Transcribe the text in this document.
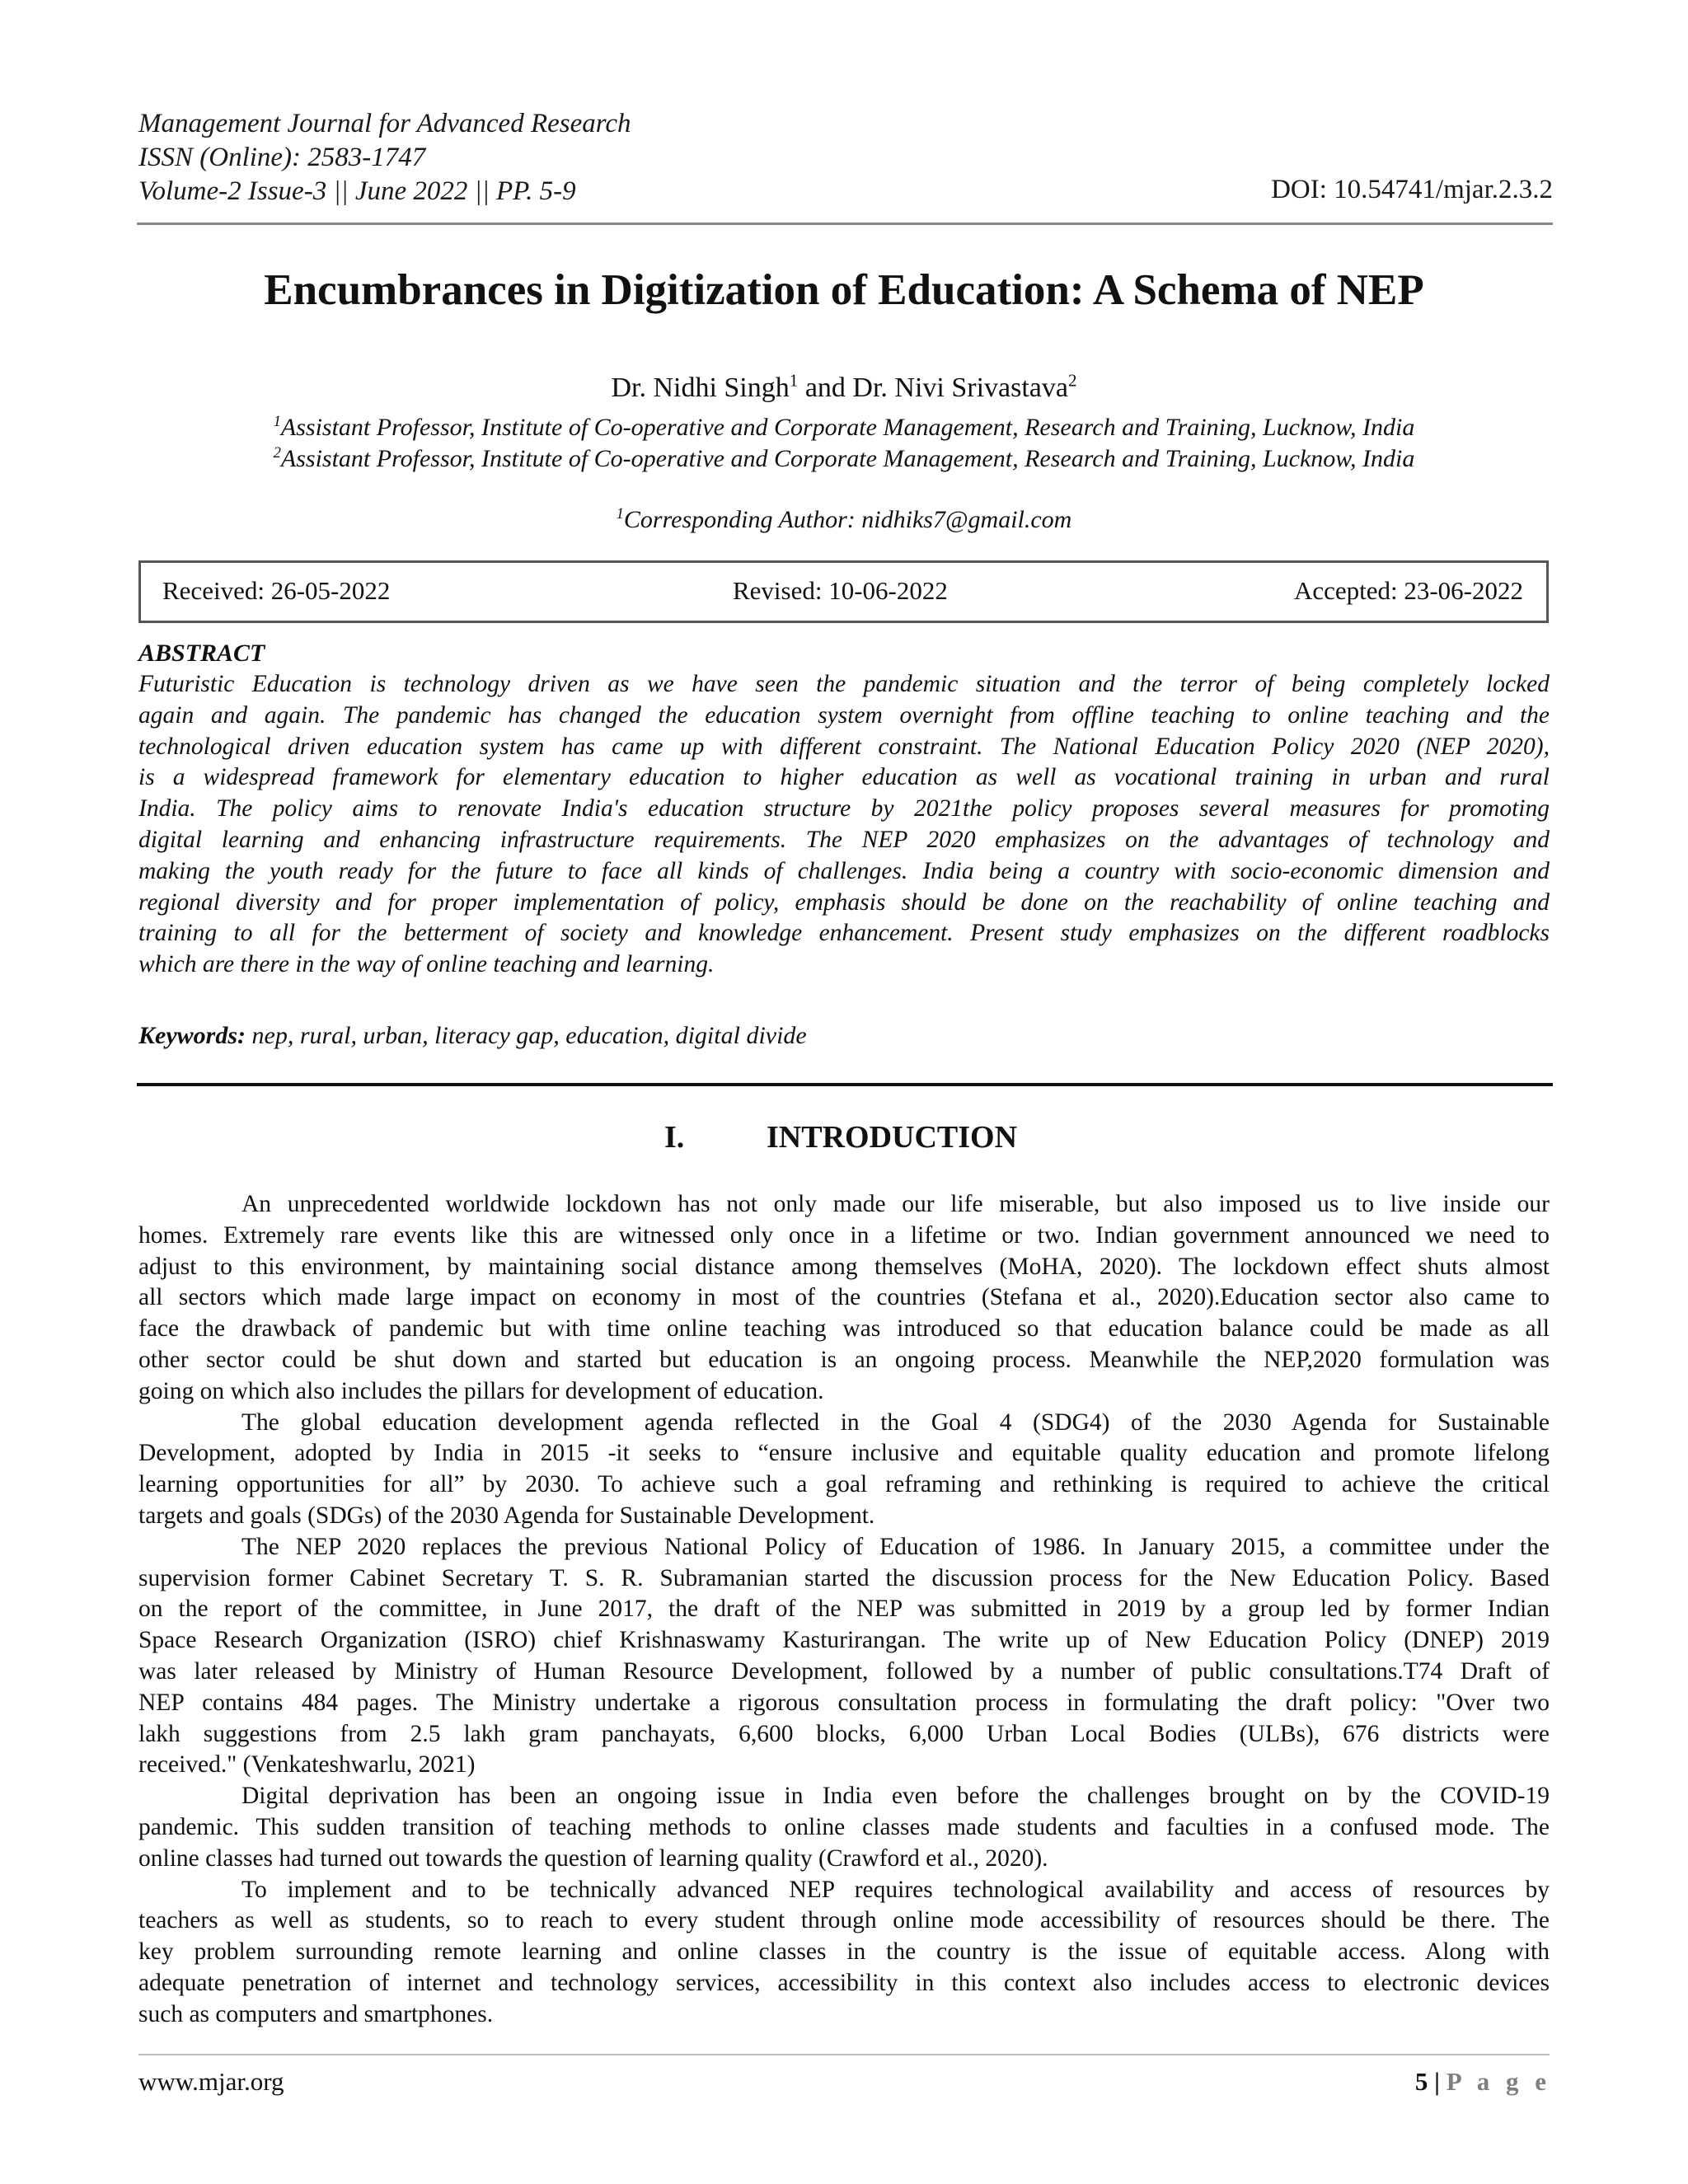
Management Journal for Advanced Research
ISSN (Online): 2583-1747
Volume-2 Issue-3 || June 2022 || PP. 5-9	DOI: 10.54741/mjar.2.3.2
Encumbrances in Digitization of Education: A Schema of NEP
Dr. Nidhi Singh$^1$ and Dr. Nivi Srivastava$^2$
$^1$Assistant Professor, Institute of Co-operative and Corporate Management, Research and Training, Lucknow, India
$^2$Assistant Professor, Institute of Co-operative and Corporate Management, Research and Training, Lucknow, India
$^1$Corresponding Author: nidhiks7@gmail.com
Received: 26-05-2022	Revised: 10-06-2022	Accepted: 23-06-2022
ABSTRACT
Futuristic Education is technology driven as we have seen the pandemic situation and the terror of being completely locked
again and again. The pandemic has changed the education system overnight from offline teaching to online teaching and the
technological driven education system has came up with different constraint. The National Education Policy 2020 (NEP 2020),
is a widespread framework for elementary education to higher education as well as vocational training in urban and rural
India. The policy aims to renovate India's education structure by 2021the policy proposes several measures for promoting
digital learning and enhancing infrastructure requirements. The NEP 2020 emphasizes on the advantages of technology and
making the youth ready for the future to face all kinds of challenges. India being a country with socio-economic dimension and
regional diversity and for proper implementation of policy, emphasis should be done on the reachability of online teaching and
training to all for the betterment of society and knowledge enhancement. Present study emphasizes on the different roadblocks
which are there in the way of online teaching and learning.
Keywords: nep, rural, urban, literacy gap, education, digital divide
I.	INTRODUCTION
An unprecedented worldwide lockdown has not only made our life miserable, but also imposed us to live inside our
homes. Extremely rare events like this are witnessed only once in a lifetime or two. Indian government announced we need to
adjust to this environment, by maintaining social distance among themselves (MoHA, 2020). The lockdown effect shuts almost
all sectors which made large impact on economy in most of the countries (Stefana et al., 2020).Education sector also came to
face the drawback of pandemic but with time online teaching was introduced so that education balance could be made as all
other sector could be shut down and started but education is an ongoing process. Meanwhile the NEP,2020 formulation was
going on which also includes the pillars for development of education.
The global education development agenda reflected in the Goal 4 (SDG4) of the 2030 Agenda for Sustainable
Development, adopted by India in 2015 -it seeks to “ensure inclusive and equitable quality education and promote lifelong
learning opportunities for all” by 2030. To achieve such a goal reframing and rethinking is required to achieve the critical
targets and goals (SDGs) of the 2030 Agenda for Sustainable Development.
The NEP 2020 replaces the previous National Policy of Education of 1986. In January 2015, a committee under the
supervision former Cabinet Secretary T. S. R. Subramanian started the discussion process for the New Education Policy. Based
on the report of the committee, in June 2017, the draft of the NEP was submitted in 2019 by a group led by former Indian
Space Research Organization (ISRO) chief Krishnaswamy Kasturirangan. The write up of New Education Policy (DNEP) 2019
was later released by Ministry of Human Resource Development, followed by a number of public consultations.T74 Draft of
NEP contains 484 pages. The Ministry undertake a rigorous consultation process in formulating the draft policy: "Over two
lakh suggestions from 2.5 lakh gram panchayats, 6,600 blocks, 6,000 Urban Local Bodies (ULBs), 676 districts were
received." (Venkateshwarlu, 2021)
Digital deprivation has been an ongoing issue in India even before the challenges brought on by the COVID-19
pandemic. This sudden transition of teaching methods to online classes made students and faculties in a confused mode. The
online classes had turned out towards the question of learning quality (Crawford et al., 2020).
To implement and to be technically advanced NEP requires technological availability and access of resources by
teachers as well as students, so to reach to every student through online mode accessibility of resources should be there. The
key problem surrounding remote learning and online classes in the country is the issue of equitable access. Along with
adequate penetration of internet and technology services, accessibility in this context also includes access to electronic devices
such as computers and smartphones.
www.mjar.org	5 | P a g e
